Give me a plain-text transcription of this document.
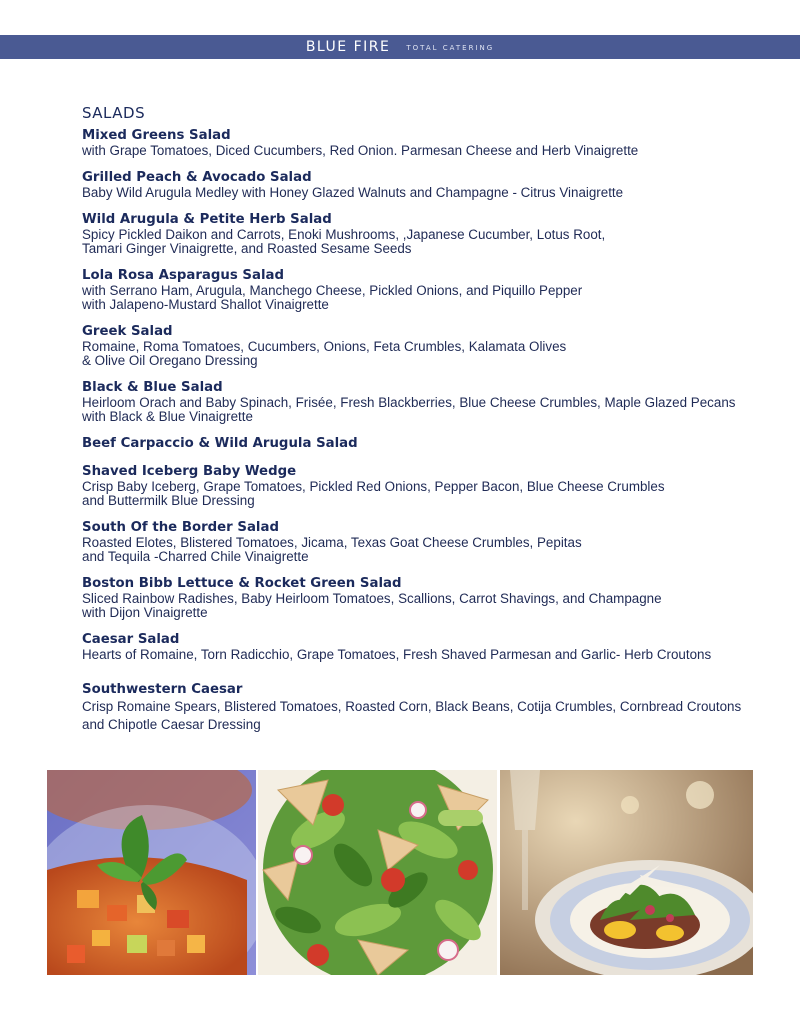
BLUE FIRE TOTAL CATERING
SALADS
Mixed Greens Salad
with Grape Tomatoes, Diced Cucumbers, Red Onion. Parmesan Cheese and Herb Vinaigrette
Grilled Peach & Avocado Salad
Baby Wild Arugula Medley with Honey Glazed Walnuts and Champagne - Citrus Vinaigrette
Wild Arugula & Petite Herb Salad
Spicy Pickled Daikon and Carrots, Enoki Mushrooms, ,Japanese Cucumber, Lotus Root,
Tamari Ginger Vinaigrette, and Roasted Sesame Seeds
Lola Rosa Asparagus Salad
with Serrano Ham, Arugula, Manchego Cheese, Pickled Onions, and Piquillo Pepper
with Jalapeno-Mustard Shallot Vinaigrette
Greek Salad
Romaine, Roma Tomatoes, Cucumbers, Onions, Feta Crumbles, Kalamata Olives
& Olive Oil Oregano Dressing
Black & Blue Salad
Heirloom Orach and Baby Spinach, Frisée, Fresh Blackberries, Blue Cheese Crumbles, Maple Glazed Pecans
with Black & Blue Vinaigrette
Beef Carpaccio & Wild Arugula Salad
Shaved Iceberg Baby Wedge
Crisp Baby Iceberg, Grape Tomatoes, Pickled Red Onions, Pepper Bacon, Blue Cheese Crumbles
and Buttermilk Blue Dressing
South Of the Border Salad
Roasted Elotes, Blistered Tomatoes, Jicama, Texas Goat Cheese Crumbles, Pepitas
and Tequila -Charred Chile Vinaigrette
Boston Bibb Lettuce & Rocket Green Salad
Sliced Rainbow Radishes, Baby Heirloom Tomatoes, Scallions, Carrot Shavings, and Champagne
with Dijon Vinaigrette
Caesar Salad
Hearts of Romaine, Torn Radicchio, Grape Tomatoes, Fresh Shaved Parmesan and Garlic- Herb Croutons
Southwestern Caesar
Crisp Romaine Spears, Blistered Tomatoes, Roasted Corn, Black Beans, Cotija Crumbles, Cornbread Croutons
and Chipotle Caesar Dressing
